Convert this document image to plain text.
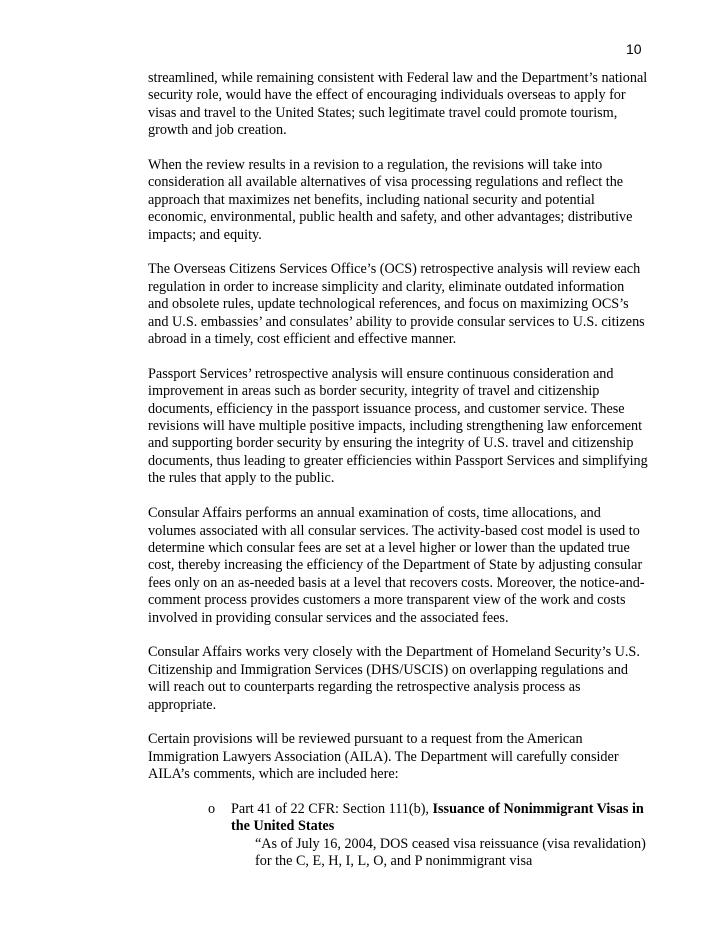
10

streamlined, while remaining consistent with Federal law and the Department’s national security role, would have the effect of encouraging individuals overseas to apply for visas and travel to the United States; such legitimate travel could promote tourism, growth and job creation.

When the review results in a revision to a regulation, the revisions will take into consideration all available alternatives of visa processing regulations and reflect the approach that maximizes net benefits, including national security and potential economic, environmental, public health and safety, and other advantages; distributive impacts; and equity.

The Overseas Citizens Services Office’s (OCS) retrospective analysis will review each regulation in order to increase simplicity and clarity, eliminate outdated information and obsolete rules, update technological references, and focus on maximizing OCS’s and U.S. embassies’ and consulates’ ability to provide consular services to U.S. citizens abroad in a timely, cost efficient and effective manner.

Passport Services’ retrospective analysis will ensure continuous consideration and improvement in areas such as border security, integrity of travel and citizenship documents, efficiency in the passport issuance process, and customer service. These revisions will have multiple positive impacts, including strengthening law enforcement and supporting border security by ensuring the integrity of U.S. travel and citizenship documents, thus leading to greater efficiencies within Passport Services and simplifying the rules that apply to the public.

Consular Affairs performs an annual examination of costs, time allocations, and volumes associated with all consular services. The activity-based cost model is used to determine which consular fees are set at a level higher or lower than the updated true cost, thereby increasing the efficiency of the Department of State by adjusting consular fees only on an as-needed basis at a level that recovers costs. Moreover, the notice-and-comment process provides customers a more transparent view of the work and costs involved in providing consular services and the associated fees.

Consular Affairs works very closely with the Department of Homeland Security’s U.S. Citizenship and Immigration Services (DHS/USCIS) on overlapping regulations and will reach out to counterparts regarding the retrospective analysis process as appropriate.

Certain provisions will be reviewed pursuant to a request from the American Immigration Lawyers Association (AILA). The Department will carefully consider AILA’s comments, which are included here:

o Part 41 of 22 CFR: Section 111(b), Issuance of Nonimmigrant Visas in the United States
“As of July 16, 2004, DOS ceased visa reissuance (visa revalidation) for the C, E, H, I, L, O, and P nonimmigrant visa
